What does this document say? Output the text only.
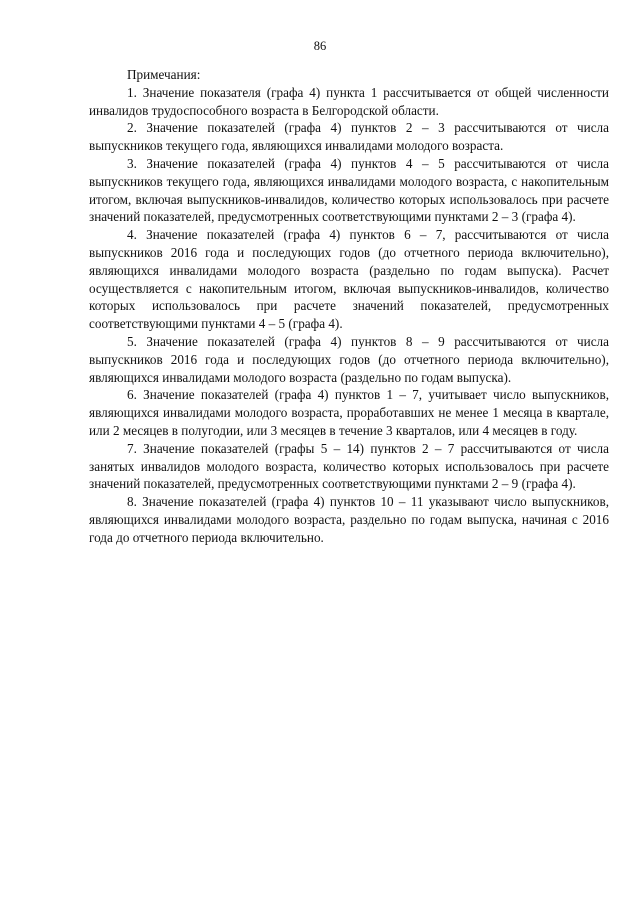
86

Примечания:

1. Значение показателя (графа 4) пункта 1 рассчитывается от общей численности инвалидов трудоспособного возраста в Белгородской области.

2. Значение показателей (графа 4) пунктов 2 – 3 рассчитываются от числа выпускников текущего года, являющихся инвалидами молодого возраста.

3. Значение показателей (графа 4) пунктов 4 – 5 рассчитываются от числа выпускников текущего года, являющихся инвалидами молодого возраста, с накопительным итогом, включая выпускников-инвалидов, количество которых использовалось при расчете значений показателей, предусмотренных соответствующими пунктами 2 – 3 (графа 4).

4. Значение показателей (графа 4) пунктов 6 – 7, рассчитываются от числа выпускников 2016 года и последующих годов (до отчетного периода включительно), являющихся инвалидами молодого возраста (раздельно по годам выпуска). Расчет осуществляется с накопительным итогом, включая выпускников-инвалидов, количество которых использовалось при расчете значений показателей, предусмотренных соответствующими пунктами 4 – 5 (графа 4).

5. Значение показателей (графа 4) пунктов 8 – 9 рассчитываются от числа выпускников 2016 года и последующих годов (до отчетного периода включительно), являющихся инвалидами молодого возраста (раздельно по годам выпуска).

6. Значение показателей (графа 4) пунктов 1 – 7, учитывает число выпускников, являющихся инвалидами молодого возраста, проработавших не менее 1 месяца в квартале, или 2 месяцев в полугодии, или 3 месяцев в течение 3 кварталов, или 4 месяцев в году.

7. Значение показателей (графы 5 – 14) пунктов 2 – 7 рассчитываются от числа занятых инвалидов молодого возраста, количество которых использовалось при расчете значений показателей, предусмотренных соответствующими пунктами 2 – 9 (графа 4).

8. Значение показателей (графа 4) пунктов 10 – 11 указывают число выпускников, являющихся инвалидами молодого возраста, раздельно по годам выпуска, начиная с 2016 года до отчетного периода включительно.
